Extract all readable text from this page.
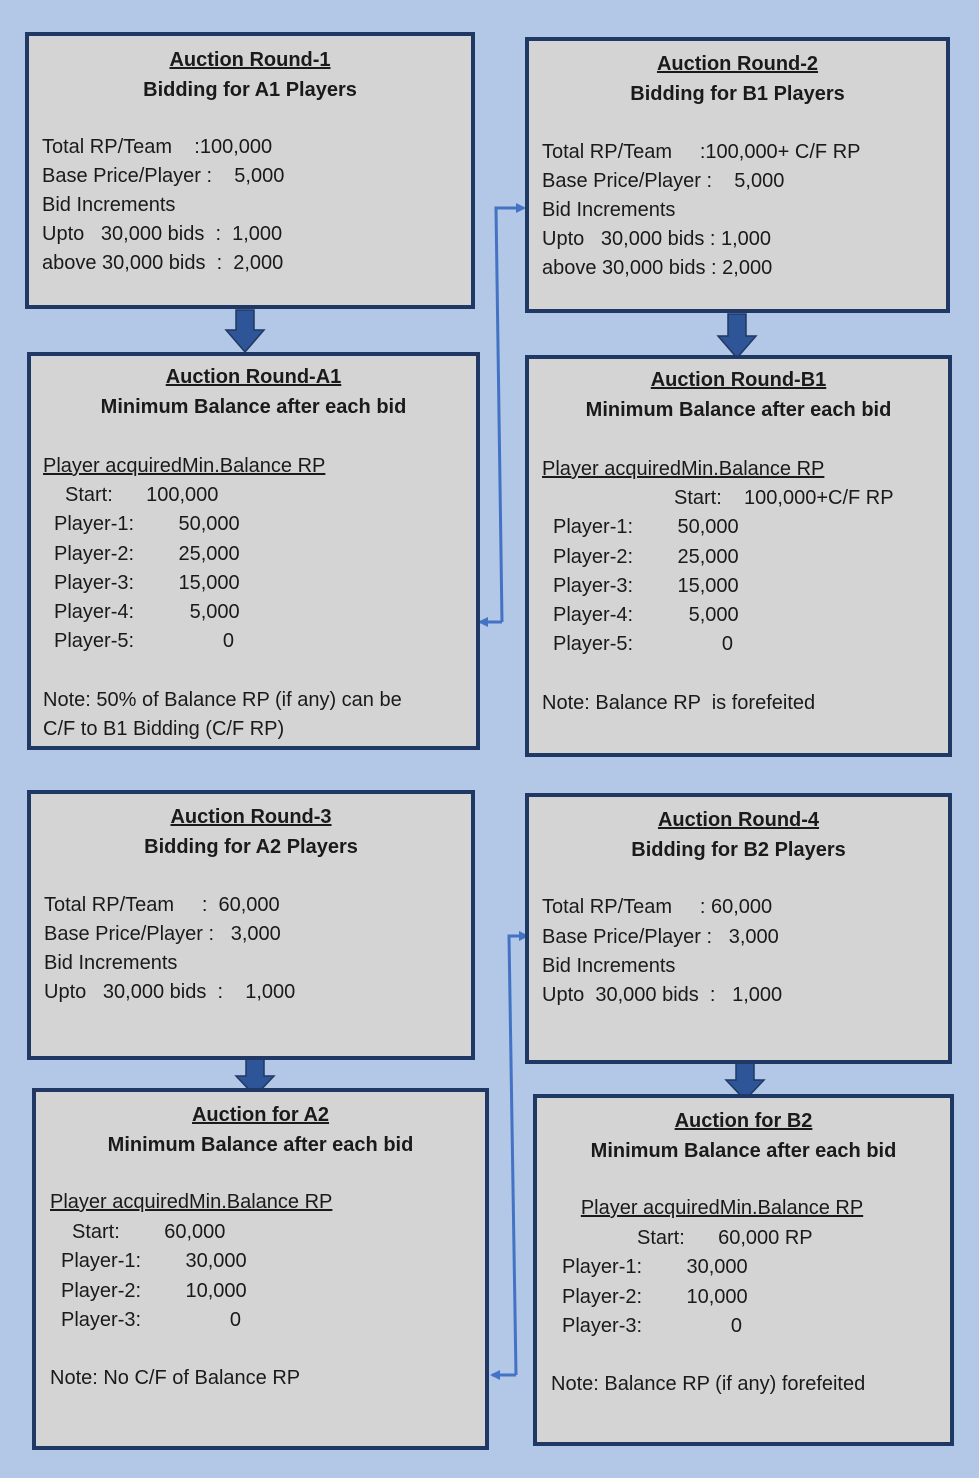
Auction Round-1
Bidding for A1 Players
Total RP/Team    :100,000
Base Price/Player :    5,000
Bid Increments
Upto   30,000 bids  :  1,000
above 30,000 bids  :  2,000
Auction Round-2
Bidding for B1 Players
Total RP/Team     :100,000+ C/F RP
Base Price/Player :    5,000
Bid Increments
Upto   30,000 bids : 1,000
above 30,000 bids : 2,000
Auction Round-A1
Minimum Balance after each bid
Player acquiredMin.Balance RP
Start:      100,000
Player-1:        50,000
Player-2:        25,000
Player-3:        15,000
Player-4:          5,000
Player-5:                0
Note: 50% of Balance RP (if any) can be
C/F to B1 Bidding (C/F RP)
Auction Round-B1
Minimum Balance after each bid
Player acquiredMin.Balance RP
Start:    100,000+C/F RP
Player-1:        50,000
Player-2:        25,000
Player-3:        15,000
Player-4:          5,000
Player-5:                0
Note: Balance RP  is forefeited
Auction Round-3
Bidding for A2 Players
Total RP/Team     :  60,000
Base Price/Player :   3,000
Bid Increments
Upto   30,000 bids  :    1,000
Auction Round-4
Bidding for B2 Players
Total RP/Team     : 60,000
Base Price/Player :   3,000
Bid Increments
Upto  30,000 bids  :   1,000
Auction for A2
Minimum Balance after each bid
Player acquiredMin.Balance RP
Start:        60,000
Player-1:        30,000
Player-2:        10,000
Player-3:                0
Note: No C/F of Balance RP
Auction for B2
Minimum Balance after each bid
Player acquiredMin.Balance RP
Start:      60,000 RP
Player-1:        30,000
Player-2:        10,000
Player-3:                0
Note: Balance RP (if any) forefeited
